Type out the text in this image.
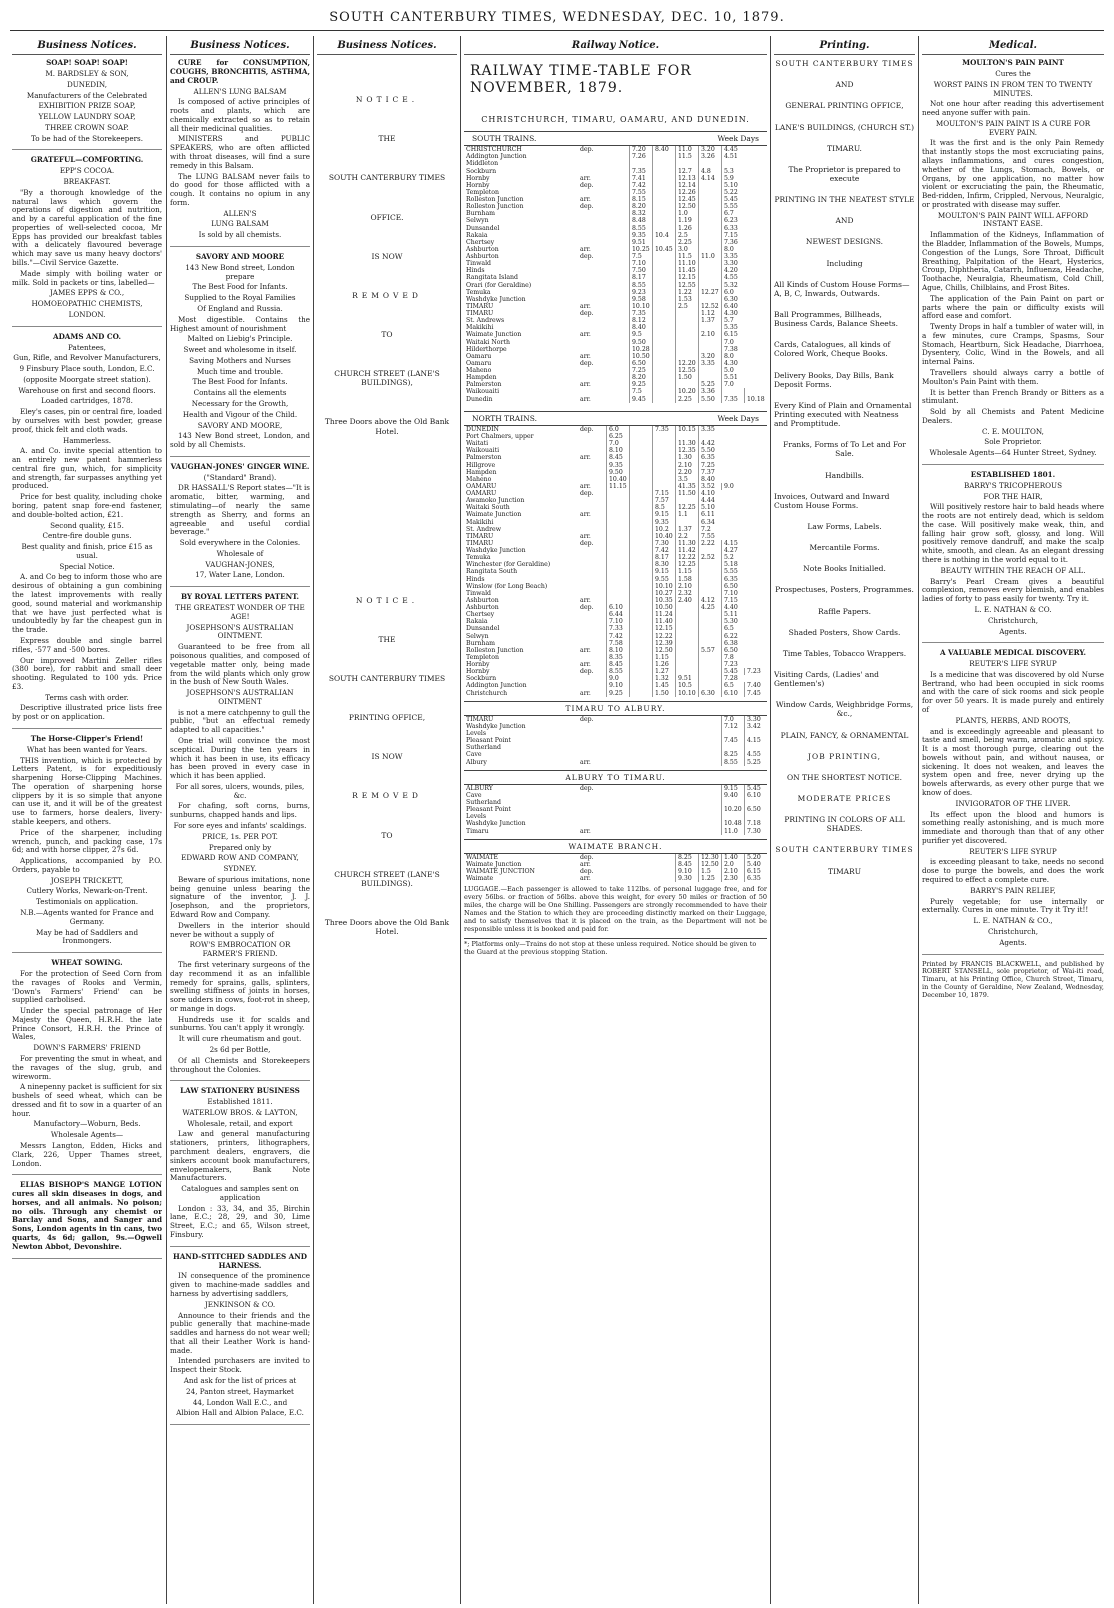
SOUTH CANTERBURY TIMES, WEDNESDAY, DEC. 10, 1879.
Business Notices.

SOAP! SOAP! SOAP!

M. BARDSLEY & SON,

DUNEDIN,

Manufacturers of the Celebrated

EXHIBITION PRIZE SOAP,

YELLOW LAUNDRY SOAP,

THREE CROWN SOAP.

To be had of the Storekeepers.

GRATEFUL—COMFORTING.

EPP'S COCOA.

BREAKFAST.

"By a thorough knowledge of the natural laws which govern the operations of digestion and nutrition, and by a careful application of the fine properties of well-selected cocoa, Mr Epps has provided our breakfast tables with a delicately flavoured beverage which may save us many heavy doctors' bills."—Civil Service Gazette.

Made simply with boiling water or milk. Sold in packets or tins, labelled—

JAMES EPPS & CO.,

HOMOEOPATHIC CHEMISTS,

LONDON.

ADAMS AND CO.

Patentees,

Gun, Rifle, and Revolver Manufacturers,

9 Finsbury Place south, London, E.C.

(opposite Moorgate street station).

Warehouse on first and second floors.

Loaded cartridges, 1878.

Eley's cases, pin or central fire, loaded by ourselves with best powder, grease proof, thick felt and cloth wads.

Hammerless.

A. and Co. invite special attention to an entirely new patent hammerless central fire gun, which, for simplicity and strength, far surpasses anything yet produced.

Price for best quality, including choke boring, patent snap fore-end fastener, and double-bolted action, £21.

Second quality, £15.

Centre-fire double guns.

Best quality and finish, price £15 as usual.

Special Notice.

A. and Co beg to inform those who are desirous of obtaining a gun combining the latest improvements with really good, sound material and workmanship that we have just perfected what is undoubtedly by far the cheapest gun in the trade.

Express double and single barrel rifles, ·577 and ·500 bores.

Our improved Martini Zeller rifles (380 bore), for rabbit and small deer shooting. Regulated to 100 yds. Price £3.

Terms cash with order.

Descriptive illustrated price lists free by post or on application.

The Horse-Clipper's Friend!

What has been wanted for Years.

THIS invention, which is protected by Letters Patent, is for expeditiously sharpening Horse-Clipping Machines. The operation of sharpening horse clippers by it is so simple that anyone can use it, and it will be of the greatest use to farmers, horse dealers, livery-stable keepers, and others.

Price of the sharpener, including wrench, punch, and packing case, 17s 6d; and with horse clipper, 27s 6d.

Applications, accompanied by P.O. Orders, payable to

JOSEPH TRICKETT,

Cutlery Works, Newark-on-Trent.

Testimonials on application.

N.B.—Agents wanted for France and Germany.

May be had of Saddlers and Ironmongers.

WHEAT SOWING.

For the protection of Seed Corn from the ravages of Rooks and Vermin, 'Down's Farmers' Friend' can be supplied carbolised.

Under the special patronage of Her Majesty the Queen, H.R.H. the late Prince Consort, H.R.H. the Prince of Wales,

DOWN'S FARMERS' FRIEND

For preventing the smut in wheat, and the ravages of the slug, grub, and wireworm.

A ninepenny packet is sufficient for six bushels of seed wheat, which can be dressed and fit to sow in a quarter of an hour.

Manufactory—Woburn, Beds.

Wholesale Agents—

Messrs Langton, Edden, Hicks and Clark, 226, Upper Thames street, London.

ELIAS BISHOP'S MANGE LOTION cures all skin diseases in dogs, and horses, and all animals. No poison; no oils. Through any chemist or Barclay and Sons, and Sanger and Sons, London agents in tin cans, two quarts, 4s 6d; gallon, 9s.—Ogwell Newton Abbot, Devonshire.

Business Notices.

CURE for CONSUMPTION, COUGHS, BRONCHITIS, ASTHMA, and CROUP.

ALLEN'S LUNG BALSAM

Is composed of active principles of roots and plants, which are chemically extracted so as to retain all their medicinal qualities.

MINISTERS and PUBLIC SPEAKERS, who are often afflicted with throat diseases, will find a sure remedy in this Balsam.

The LUNG BALSAM never fails to do good for those afflicted with a cough. It contains no opium in any form.

ALLEN'S

LUNG BALSAM

Is sold by all chemists.

SAVORY AND MOORE

143 New Bond street, London prepare

The Best Food for Infants.

Supplied to the Royal Families

Of England and Russia.

Most digestible. Contains the Highest amount of nourishment

Malted on Liebig's Principle.

Sweet and wholesome in itself.

Saving Mothers and Nurses

Much time and trouble.

The Best Food for Infants.

Contains all the elements

Necessary for the Growth,

Health and Vigour of the Child.

SAVORY AND MOORE,

143 New Bond street, London, and sold by all Chemists.

VAUGHAN-JONES' GINGER WINE.

("Standard" Brand).

DR HASSALL'S Report states—"It is aromatic, bitter, warming, and stimulating—of nearly the same strength as Sherry, and forms an agreeable and useful cordial beverage."

Sold everywhere in the Colonies.

Wholesale of

VAUGHAN-JONES,

17, Water Lane, London.

BY ROYAL LETTERS PATENT.

THE GREATEST WONDER OF THE AGE!

JOSEPHSON'S AUSTRALIAN OINTMENT.

Guaranteed to be free from all poisonous qualities, and composed of vegetable matter only, being made from the wild plants which only grow in the bush of New South Wales.

JOSEPHSON'S AUSTRALIAN OINTMENT

is not a mere catchpenny to gull the public, "but an effectual remedy adapted to all capacities."

One trial will convince the most sceptical. During the ten years in which it has been in use, its efficacy has been proved in every case in which it has been applied.

For all sores, ulcers, wounds, piles, &c.

For chafing, soft corns, burns, sunburns, chapped hands and lips.

For sore eyes and infants' scaldings.

PRICE, 1s. PER POT.

Prepared only by

EDWARD ROW AND COMPANY,

SYDNEY.

Beware of spurious imitations, none being genuine unless bearing the signature of the inventor, J. J. Josephson, and the proprietors, Edward Row and Company.

Dwellers in the interior should never be without a supply of

ROW'S EMBROCATION OR FARMER'S FRIEND.

The first veterinary surgeons of the day recommend it as an infallible remedy for sprains, galls, splinters, swelling stiffness of joints in horses, sore udders in cows, foot-rot in sheep, or mange in dogs.

Hundreds use it for scalds and sunburns. You can't apply it wrongly.

It will cure rheumatism and gout.

2s 6d per Bottle,

Of all Chemists and Storekeepers throughout the Colonies.

LAW STATIONERY BUSINESS

Established 1811.

WATERLOW BROS. & LAYTON,

Wholesale, retail, and export

Law and general manufacturing stationers, printers, lithographers, parchment dealers, engravers, die sinkers account book manufacturers, envelopemakers, Bank Note Manufacturers.

Catalogues and samples sent on application

London : 33, 34, and 35, Birchin lane, E.C.; 28, 29, and 30, Lime Street, E.C.; and 65, Wilson street, Finsbury.

HAND-STITCHED SADDLES AND HARNESS.

IN consequence of the prominence given to machine-made saddles and harness by advertising saddlers,

JENKINSON & CO.

Announce to their friends and the public generally that machine-made saddles and harness do not wear well; that all their Leather Work is hand-made.

Intended purchasers are invited to Inspect their Stock.

And ask for the list of prices at

24, Panton street, Haymarket

44, London Wall E.C., and

Albion Hall and Albion Palace, E.C.

Business Notices.
NOTICE.
THE
SOUTH CANTERBURY TIMES
OFFICE.
IS NOW
REMOVED
TO
CHURCH STREET (LANE'S BUILDINGS),
Three Doors above the Old Bank Hotel.
NOTICE.
THE
SOUTH CANTERBURY TIMES
PRINTING OFFICE,
IS NOW
REMOVED
TO
CHURCH STREET (LANE'S BUILDINGS).
Three Doors above the Old Bank Hotel.
Railway Notice.
RAILWAY TIME-TABLE FOR NOVEMBER, 1879.
CHRISTCHURCH, TIMARU, OAMARU, AND DUNEDIN.
SOUTH TRAINS.	Week Days
CHRISTCHURCH	dep.	7.20	8.40	11.0	3.20	4.45	
Addington Junction		7.26		11.5	3.26	4.51	
Middleton							
Sockburn		7.35		12.7	4.8	5.3	
Hornby	arr.	7.41		12.13	4.14	5.9	
Hornby	dep.	7.42		12.14		5.10	
Templeton		7.55		12.26		5.22	
Rolleston Junction	arr.	8.15		12.45		5.45	
Rolleston Junction	dep.	8.20		12.50		5.55	
Burnham		8.32		1.0		6.7	
Selwyn		8.48		1.19		6.23	
Dunsandel		8.55		1.26		6.33	
Rakaia		9.35	10.4	2.5		7.15	
Chertsey		9.51		2.25		7.36	
Ashburton	arr.	10.25	10.45	3.0		8.0	
Ashburton	dep.	7.5		11.5	11.0	3.35	
Tinwald		7.10		11.10		3.30	
Hinds		7.50		11.45		4.20	
Rangitata Island		8.17		12.15		4.55	
Orari (for Geraldine)		8.55		12.55		5.32	
Temuka		9.23		1.22	12.27	6.0	
Washdyke Junction		9.58		1.53		6.30	
TIMARU	arr.	10.10		2.5	12.52	6.40	
TIMARU	dep.	7.35			1.12	4.30	
St. Andrews		8.12			1.37	5.7	
Makikihi		8.40				5.35	
Waimate Junction	arr.	9.5			2.10	6.15	
Waitaki North		9.50				7.0	
Hilderthorpe		10.28				7.38	
Oamaru	arr.	10.50			3.20	8.0	
Oamaru	dep.	6.50		12.20	3.35	4.30	
Maheno		7.25		12.55		5.0	
Hampden		8.20		1.50		5.51	
Palmerston	arr.	9.25			5.25	7.0	
Waikouaiti		7.5		10.20	3.36		
Dunedin	arr.	9.45		2.25	5.50	7.35	10.18
NORTH TRAINS.	Week Days
DUNEDIN	dep.	6.0		7.35	10.15	3.35		
Port Chalmers, upper		6.25						
Waitati		7.0			11.30	4.42		
Waikouaiti		8.10			12.35	5.50		
Palmerston	arr.	8.45			1.30	6.35		
Hillgrove		9.35			2.10	7.25		
Hampden		9.50			2.20	7.37		
Maheno		10.40			3.5	8.40		
OAMARU	arr.	11.15			41.35	3.52	9.0	
OAMARU	dep.			7.15	11.50	4.10		
Awamoko Junction				7.57		4.44		
Waitaki South				8.5	12.25	5.10		
Waimate Junction	arr.			9.15	1.1	6.11		
Makikihi				9.35		6.34		
St. Andrew				10.2	1.37	7.2		
TIMARU	arr.			10.40	2.2	7.55		
TIMARU	dep.			7.30	11.30	2.22	4.15	
Washdyke Junction				7.42	11.42		4.27	
Temuka				8.17	12.22	2.52	5.2	
Winchester (for Geraldine)				8.30	12.25		5.18	
Rangitata South				9.15	1.15		5.55	
Hinds				9.55	1.58		6.35	
Winslow (for Long Beach)				10.10	2.10		6.50	
Tinwald				10.27	2.32		7.10	
Ashburton	arr.			10.35	2.40	4.12	7.15	
Ashburton	dep.	6.10		10.50		4.25	4.40	
Chertsey		6.44		11.24			5.11	
Rakaia		7.10		11.40			5.30	
Dunsandel		7.33		12.15			6.5	
Selwyn		7.42		12.22			6.22	
Burnham		7.58		12.39			6.38	
Rolleston Junction	arr.	8.10		12.50		5.57	6.50	
Templeton		8.35		1.15			7.8	
Hornby	arr.	8.45		1.26			7.23	
Hornby	dep.	8.55		1.27			5.45	7.23
Sockburn		9.0		1.32	9.51		7.28	
Addington Junction		9.10		1.45	10.5		6.5	7.40
Christchurch	arr.	9.25		1.50	10.10	6.30	6.10	7.45
TIMARU TO ALBURY.
TIMARU	dep.	7.0	3.30
Washdyke Junction		7.12	3.42
Levels			
Pleasant Point		7.45	4.15
Sutherland			
Cave		8.25	4.55
Albury	arr.	8.55	5.25
ALBURY TO TIMARU.
ALBURY	dep.	9.15	5.45
Cave		9.40	6.10
Sutherland			
Pleasant Point		10.20	6.50
Levels			
Washdyke Junction		10.48	7.18
Timaru	arr.	11.0	7.30
WAIMATE BRANCH.
WAIMATE	dep.	8.25	12.30	1.40	5.20
Waimate Junction	arr.	8.45	12.50	2.0	5.40
WAIMATE JUNCTION	dep.	9.10	1.5	2.10	6.15
Waimate	arr.	9.30	1.25	2.30	6.35

LUGGAGE.—Each passenger is allowed to take 112lbs. of personal luggage free, and for every 56lbs. or fraction of 56lbs. above this weight, for every 50 miles or fraction of 50 miles, the charge will be One Shilling. Passengers are strongly recommended to have their Names and the Station to which they are proceeding distinctly marked on their Luggage, and to satisfy themselves that it is placed on the train, as the Department will not be responsible unless it is booked and paid for.

*; Platforms only—Trains do not stop at these unless required. Notice should be given to the Guard at the previous stopping Station.

Printing.

SOUTH CANTERBURY TIMES

AND

GENERAL PRINTING OFFICE,

LANE'S BUILDINGS, (CHURCH ST.)

TIMARU.

The Proprietor is prepared to execute

PRINTING IN THE NEATEST STYLE

AND

NEWEST DESIGNS.

Including

All Kinds of Custom House Forms—A, B, C, Inwards, Outwards.

Ball Programmes, Billheads, Business Cards, Balance Sheets.

Cards, Catalogues, all kinds of Colored Work, Cheque Books.

Delivery Books, Day Bills, Bank Deposit Forms.

Every Kind of Plain and Ornamental Printing executed with Neatness and Promptitude.

Franks, Forms of To Let and For Sale.

Handbills.

Invoices, Outward and Inward Custom House Forms.

Law Forms, Labels.

Mercantile Forms.

Note Books Initialled.

Prospectuses, Posters, Programmes.

Raffle Papers.

Shaded Posters, Show Cards.

Time Tables, Tobacco Wrappers.

Visiting Cards, (Ladies' and Gentlemen's)

Window Cards, Weighbridge Forms, &c.,

PLAIN, FANCY, & ORNAMENTAL

JOB PRINTING,

ON THE SHORTEST NOTICE.

MODERATE PRICES

PRINTING IN COLORS OF ALL SHADES.

SOUTH CANTERBURY TIMES

TIMARU

Medical.

MOULTON'S PAIN PAINT

Cures the

WORST PAINS IN FROM TEN TO TWENTY MINUTES.

Not one hour after reading this advertisement need anyone suffer with pain.

MOULTON'S PAIN PAINT IS A CURE FOR EVERY PAIN.

It was the first and is the only Pain Remedy that instantly stops the most excruciating pains, allays inflammations, and cures congestion, whether of the Lungs, Stomach, Bowels, or Organs, by one application, no matter how violent or excruciating the pain, the Rheumatic, Bed-ridden, Infirm, Crippled, Nervous, Neuralgic, or prostrated with disease may suffer.

MOULTON'S PAIN PAINT WILL AFFORD INSTANT EASE.

Inflammation of the Kidneys, Inflammation of the Bladder, Inflammation of the Bowels, Mumps, Congestion of the Lungs, Sore Throat, Difficult Breathing, Palpitation of the Heart, Hysterics, Croup, Diphtheria, Catarrh, Influenza, Headache, Toothache, Neuralgia, Rheumatism, Cold Chill, Ague, Chills, Chilblains, and Frost Bites.

The application of the Pain Paint on part or parts where the pain or difficulty exists will afford ease and comfort.

Twenty Drops in half a tumbler of water will, in a few minutes, cure Cramps, Spasms, Sour Stomach, Heartburn, Sick Headache, Diarrhoea, Dysentery, Colic, Wind in the Bowels, and all internal Pains.

Travellers should always carry a bottle of Moulton's Pain Paint with them.

It is better than French Brandy or Bitters as a stimulant.

Sold by all Chemists and Patent Medicine Dealers.

C. E. MOULTON,

Sole Proprietor.

Wholesale Agents—64 Hunter Street, Sydney.

ESTABLISHED 1801.

BARRY'S TRICOPHEROUS

FOR THE HAIR,

Will positively restore hair to bald heads where the roots are not entirely dead, which is seldom the case. Will positively make weak, thin, and falling hair grow soft, glossy, and long. Will positively remove dandruff, and make the scalp white, smooth, and clean. As an elegant dressing there is nothing in the world equal to it.

BEAUTY WITHIN THE REACH OF ALL.

Barry's Pearl Cream gives a beautiful complexion, removes every blemish, and enables ladies of forty to pass easily for twenty. Try it.

L. E. NATHAN & CO.

Christchurch,

Agents.

A VALUABLE MEDICAL DISCOVERY.

REUTER'S LIFE SYRUP

Is a medicine that was discovered by old Nurse Bertrand, who had been occupied in sick rooms and with the care of sick rooms and sick people for over 50 years. It is made purely and entirely of

PLANTS, HERBS, AND ROOTS,

and is exceedingly agreeable and pleasant to taste and smell, being warm, aromatic and spicy. It is a most thorough purge, clearing out the bowels without pain, and without nausea, or sickening. It does not weaken, and leaves the system open and free, never drying up the bowels afterwards, as every other purge that we know of does.

INVIGORATOR OF THE LIVER.

Its effect upon the blood and humors is something really astonishing, and is much more immediate and thorough than that of any other purifier yet discovered.

REUTER'S LIFE SYRUP

is exceeding pleasant to take, needs no second dose to purge the bowels, and does the work required to effect a complete cure.

BARRY'S PAIN RELIEF,

Purely vegetable; for use internally or externally. Cures in one minute. Try it Try it!!

L. E. NATHAN & CO.,

Christchurch,

Agents.

Printed by FRANCIS BLACKWELL, and published by ROBERT STANSELL, sole proprietor, of Wai-iti road, Timaru, at his Printing Office, Church Street, Timaru, in the County of Geraldine, New Zealand, Wednesday, December 10, 1879.
